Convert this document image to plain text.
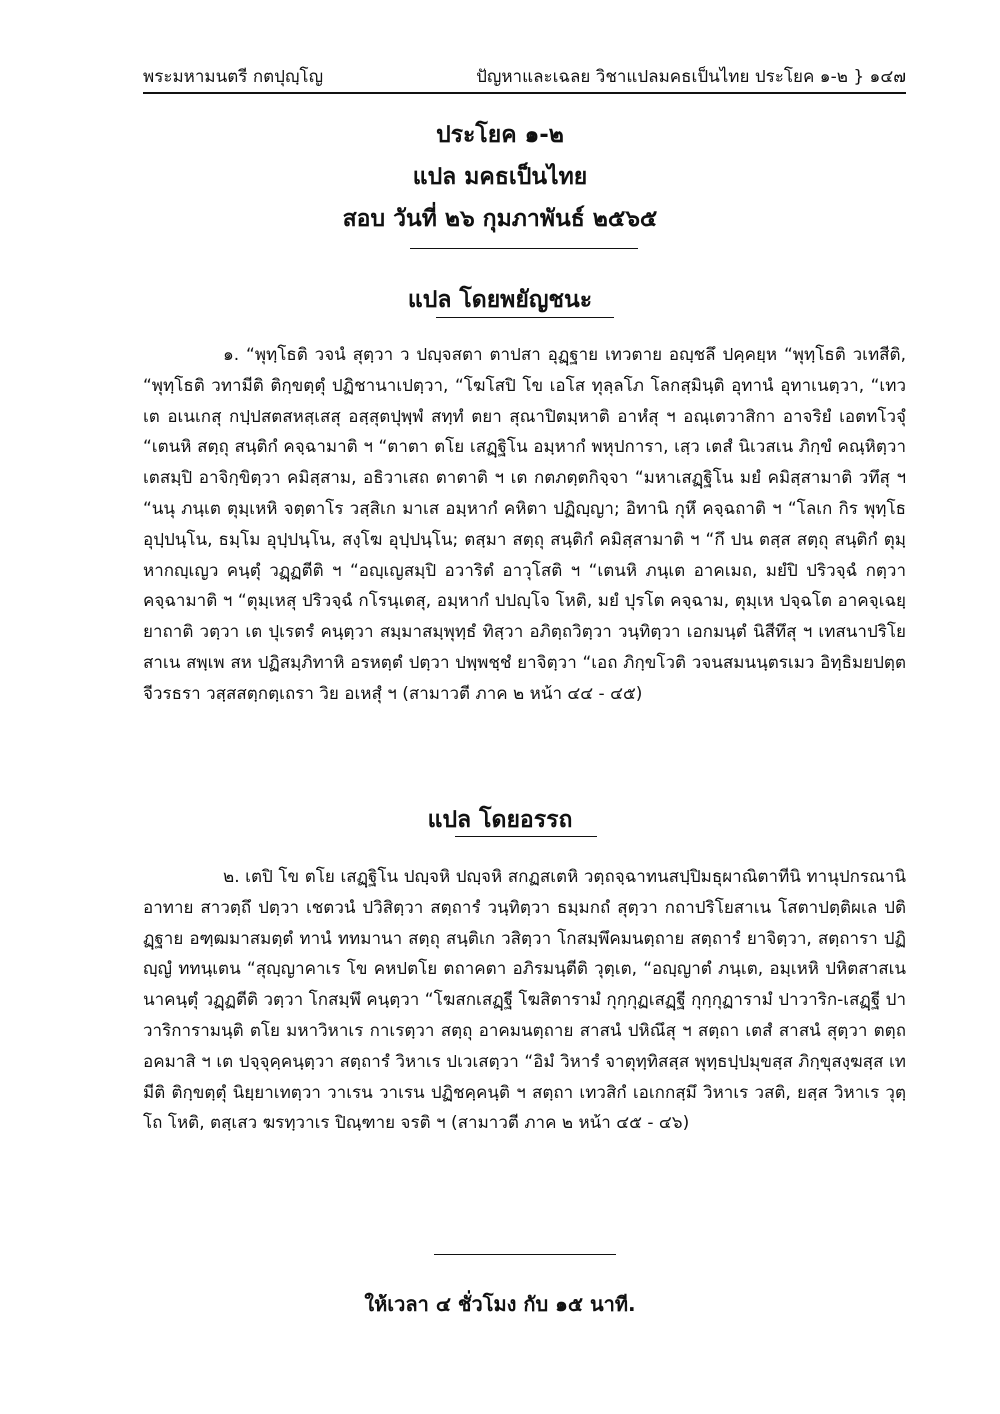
พระมหามนตรี กตปุญฺโญ	ปัญหาและเฉลย วิชาแปลมคธเป็นไทย ประโยค ๑-๒ } ๑๔๗
ประโยค ๑-๒
แปล มคธเป็นไทย
สอบ วันที่ ๒๖ กุมภาพันธ์ ๒๕๖๕
แปล โดยพยัญชนะ

๑. “พุทฺโธติ วจนํ สุตฺวา ว ปญฺจสตา ตาปสา อุฏฺฐาย เทวตาย อญฺชลึ ปคฺคยฺห “พุทฺโธติ วเทสีติ, “พุทฺโธติ วทามีติ ติกฺขตฺตุํ ปฏิชานาเปตฺวา, “โฆโสปิ โข เอโส ทุลฺลโภ โลกสฺมินฺติ อุทานํ อุทาเนตฺวา, “เทวเต อเนเกสุ กปฺปสตสหสฺเสสุ อสฺสุตปุพฺพํ สทฺทํ ตยา สุณาปิตมฺหาติ อาหํสุ ฯ อณฺเตวาสิกา อาจริยํ เอตทโวจุํ “เตนหิ สตฺถุ สนฺติกํ คจฺฉามาติ ฯ “ตาตา ตโย เสฏฺฐิโน อมฺหากํ พหุปการา, เสฺว เตสํ นิเวสเน ภิกฺขํ คณฺหิตฺวา เตสมฺปิ อาจิกฺขิตฺวา คมิสฺสาม, อธิวาเสถ ตาตาติ ฯ เต กตภตฺตกิจฺจา “มหาเสฏฺฐิโน มยํ คมิสฺสามาติ วทึสุ ฯ “นนุ ภนฺเต ตุมฺเหหิ จตฺตาโร วสฺสิเก มาเส อมฺหากํ คหิตา ปฏิญฺญา; อิทานิ กุหึ คจฺฉถาติ ฯ “โลเก กิร พุทฺโธ อุปฺปนฺโน, ธมฺโม อุปฺปนฺโน, สงฺโฆ อุปฺปนฺโน; ตสฺมา สตฺถุ สนฺติกํ คมิสฺสามาติ ฯ “กึ ปน ตสฺส สตฺถุ สนฺติกํ ตุมฺหากญฺเญว คนฺตุํ วฏฺฏตีติ ฯ “อญฺเญสมฺปิ อวาริตํ อาวุโสติ ฯ “เตนหิ ภนฺเต อาคเมถ, มยํปิ ปริวจฺฉํ กตฺวา คจฺฉามาติ ฯ “ตุมฺเหสุ ปริวจฺฉํ กโรนฺเตสุ, อมฺหากํ ปปญฺโจ โหติ, มยํ ปุรโต คจฺฉาม, ตุมฺเห ปจฺฉโต อาคจฺเฉยฺยาถาติ วตฺวา เต ปุเรตรํ คนฺตฺวา สมฺมาสมฺพุทฺธํ ทิสฺวา อภิตฺถวิตฺวา วนฺทิตฺวา เอกมนฺตํ นิสีทึสุ ฯ เทสนาปริโยสาเน สพฺเพ สห ปฏิสมฺภิทาหิ อรหตฺตํ ปตฺวา ปพฺพชฺชํ ยาจิตฺวา “เอถ ภิกฺขโวติ วจนสมนนฺตรเมว อิทฺธิมยปตฺตจีวรธรา วสฺสสตฺกตฺเถรา วิย อเหสุํ ฯ (สามาวตี ภาค ๒ หน้า ๔๔ - ๔๕)

แปล โดยอรรถ

๒. เตปิ โข ตโย เสฏฺฐิโน ปญฺจหิ ปญฺจหิ สกฏสเตหิ วตฺถจฺฉาทนสปฺปิมธุผาณิตาทีนิ ทานุปกรณานิ อาทาย สาวตฺถึ ปตฺวา เชตวนํ ปวิสิตฺวา สตฺถารํ วนฺทิตฺวา ธมฺมกถํ สุตฺวา กถาปริโยสาเน โสตาปตฺติผเล ปติฏฺฐาย อฑฺฒมาสมตฺตํ ทานํ ททมานา สตฺถุ สนฺติเก วสิตฺวา โกสมฺพึคมนตฺถาย สตฺถารํ ยาจิตฺวา, สตฺถารา ปฏิญฺญํ ททนฺเตน “สุญฺญาคาเร โข คหปตโย ตถาคตา อภิรมนฺตีติ วุตฺเต, “อญฺญาตํ ภนฺเต, อมฺเหหิ ปหิตสาสเนนาคนฺตุํ วฏฺฏตีติ วตฺวา โกสมฺพึ คนฺตฺวา “โฆสกเสฏฺฐี โฆสิตารามํ กุกฺกุฏเสฏฺฐี กุกฺกุฏารามํ ปาวาริก-เสฏฺฐี ปาวาริการามนฺติ ตโย มหาวิหาเร กาเรตฺวา สตฺถุ อาคมนตฺถาย สาสนํ ปหิณึสุ ฯ สตฺถา เตสํ สาสนํ สุตฺวา ตตฺถ อคมาสิ ฯ เต ปจฺจุคฺคนฺตฺวา สตฺถารํ วิหาเร ปเวเสตฺวา “อิมํ วิหารํ จาตุทฺทิสสฺส พุทฺธปฺปมุขสฺส ภิกฺขุสงฺฆสฺส เทมีติ ติกฺขตฺตุํ นิยฺยาเทตฺวา วาเรน วาเรน ปฏิชคฺคนฺติ ฯ สตฺถา เทวสิกํ เอเกกสฺมึ วิหาเร วสติ, ยสฺส วิหาเร วุตฺโถ โหติ, ตสฺเสว ฆรทฺวาเร ปิณฺฑาย จรติ ฯ (สามาวตี ภาค ๒ หน้า ๔๕ - ๔๖)

ให้เวลา ๔ ชั่วโมง กับ ๑๕ นาที.
